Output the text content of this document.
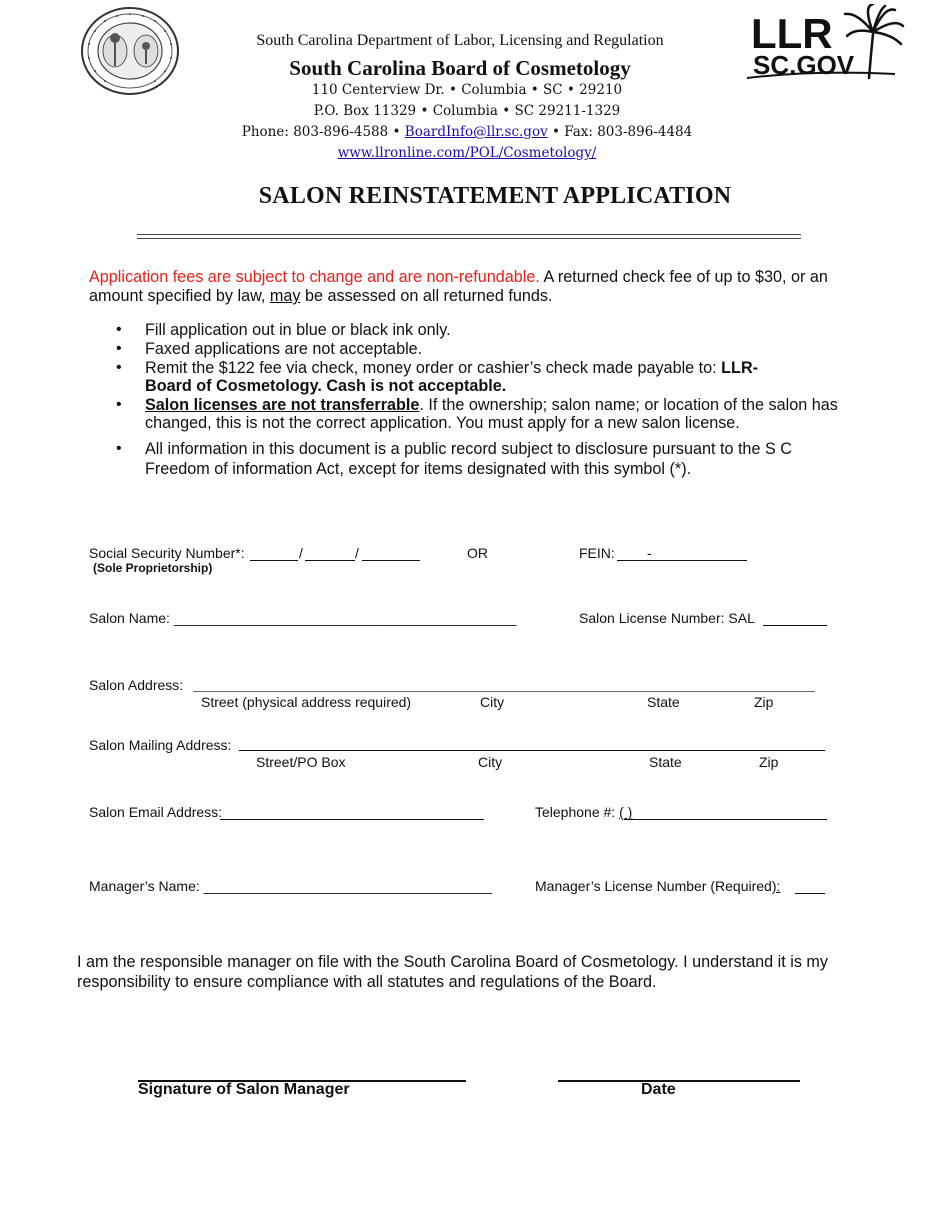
South Carolina Department of Labor, Licensing and Regulation
South Carolina Board of Cosmetology
110 Centerview Dr. • Columbia • SC • 29210
P.O. Box 11329 • Columbia • SC 29211-1329
Phone: 803-896-4588 • BoardInfo@llr.sc.gov • Fax: 803-896-4484
www.llronline.com/POL/Cosmetology/
LLR
SC.GOV
SALON REINSTATEMENT APPLICATION
Application fees are subject to change and are non-refundable. A returned check fee of up to $30, or an
amount specified by law, may be assessed on all returned funds.
• Fill application out in blue or black ink only.
• Faxed applications are not acceptable.
• Remit the $122 fee via check, money order or cashier’s check made payable to: LLR-
Board of Cosmetology. Cash is not acceptable.
• Salon licenses are not transferrable. If the ownership; salon name; or location of the salon has
changed, this is not the correct application. You must apply for a new salon license.
• All information in this document is a public record subject to disclosure pursuant to the S C
Freedom of information Act, except for items designated with this symbol (*).
Social Security Number*:	/	/
(Sole Proprietorship)
OR	FEIN: -
Salon Name: ____________________________________________	Salon License Number: SAL
Salon Address:
Street (physical address required)	City	State	Zip
Salon Mailing Address:
Street/PO Box	City	State	Zip
Salon Email Address:	Telephone #: ( )
Manager’s Name: _____________________________________	Manager’s License Number (Required):
I am the responsible manager on file with the South Carolina Board of Cosmetology. I understand it is my
responsibility to ensure compliance with all statutes and regulations of the Board.
Signature of Salon Manager	Date
